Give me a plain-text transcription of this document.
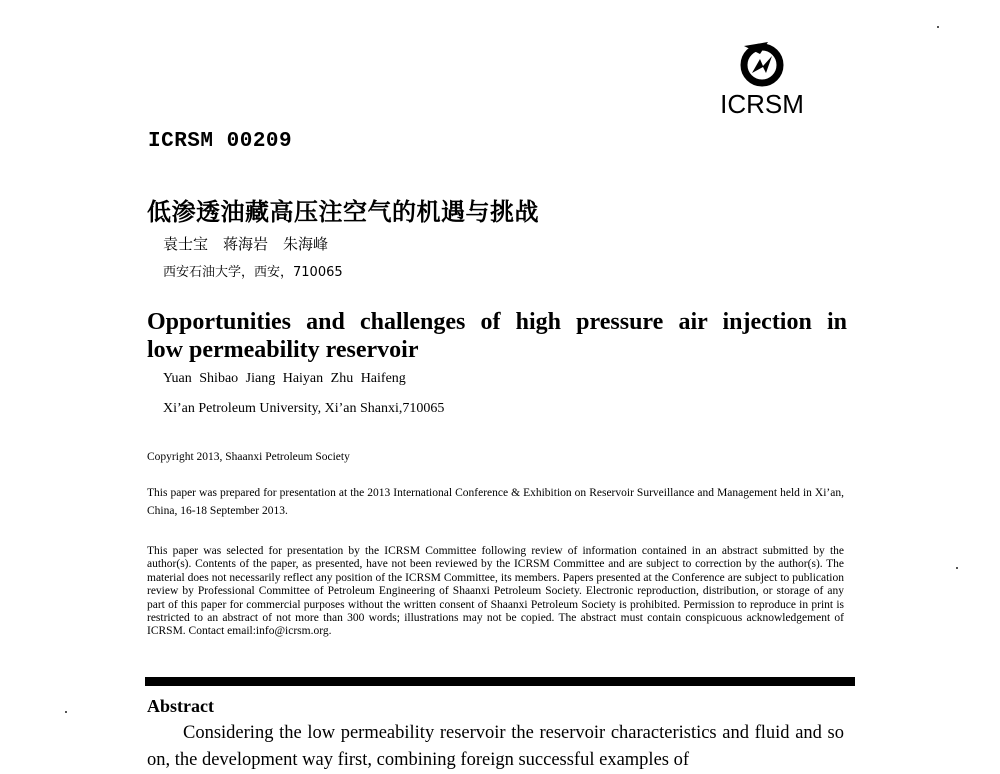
ICRSM
ICRSM 00209
低渗透油藏高压注空气的机遇与挑战
袁士宝　蒋海岩　朱海峰
西安石油大学，西安，710065
Opportunities and challenges of high pressure air injection in
low permeability reservoir
Yuan Shibao Jiang Haiyan Zhu Haifeng
Xi’an Petroleum University, Xi’an Shanxi,710065
Copyright 2013, Shaanxi Petroleum Society
This paper was prepared for presentation at the 2013 International Conference & Exhibition on Reservoir Surveillance and Management held in Xi’an, China, 16-18 September 2013.
This paper was selected for presentation by the ICRSM Committee following review of information contained in an abstract submitted by the author(s). Contents of the paper, as presented, have not been reviewed by the ICRSM Committee and are subject to correction by the author(s). The material does not necessarily reflect any position of the ICRSM Committee, its members. Papers presented at the Conference are subject to publication review by Professional Committee of Petroleum Engineering of Shaanxi Petroleum Society. Electronic reproduction, distribution, or storage of any part of this paper for commercial purposes without the written consent of Shaanxi Petroleum Society is prohibited. Permission to reproduce in print is restricted to an abstract of not more than 300 words; illustrations may not be copied. The abstract must contain conspicuous acknowledgement of ICRSM. Contact email:info@icrsm.org.
Abstract
Considering the low permeability reservoir the reservoir characteristics and fluid and so on, the development way first, combining foreign successful examples of
